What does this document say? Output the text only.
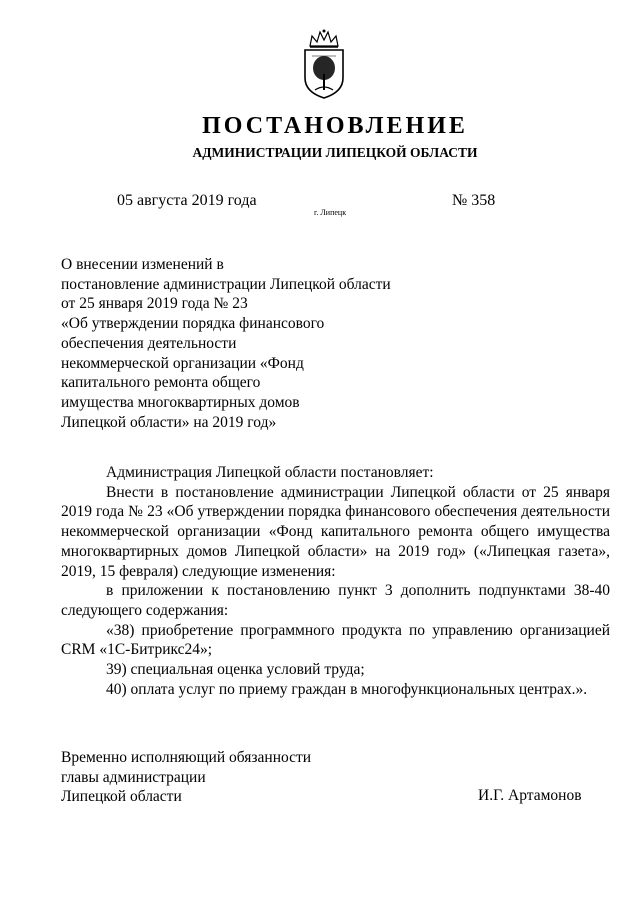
ПОСТАНОВЛЕНИЕ
АДМИНИСТРАЦИИ ЛИПЕЦКОЙ ОБЛАСТИ
05 августа 2019 года
г. Липецк
№ 358
О внесении изменений в
постановление администрации Липецкой области
от 25 января 2019 года № 23
«Об утверждении порядка финансового
обеспечения деятельности
некоммерческой организации «Фонд
капитального ремонта общего
имущества многоквартирных домов
Липецкой области» на 2019 год»

Администрация Липецкой области постановляет:

Внести в постановление администрации Липецкой области от 25 января 2019 года № 23 «Об утверждении порядка финансового обеспечения деятельности некоммерческой организации «Фонд капитального ремонта общего имущества многоквартирных домов Липецкой области» на 2019 год» («Липецкая газета», 2019, 15 февраля) следующие изменения:

в приложении к постановлению пункт 3 дополнить подпунктами 38-40 следующего содержания:

«38) приобретение программного продукта по управлению организацией CRM «1С-Битрикс24»;

39) специальная оценка условий труда;

40) оплата услуг по приему граждан в многофункциональных центрах.».

Временно исполняющий обязанности
главы администрации
Липецкой области	И.Г. Артамонов
